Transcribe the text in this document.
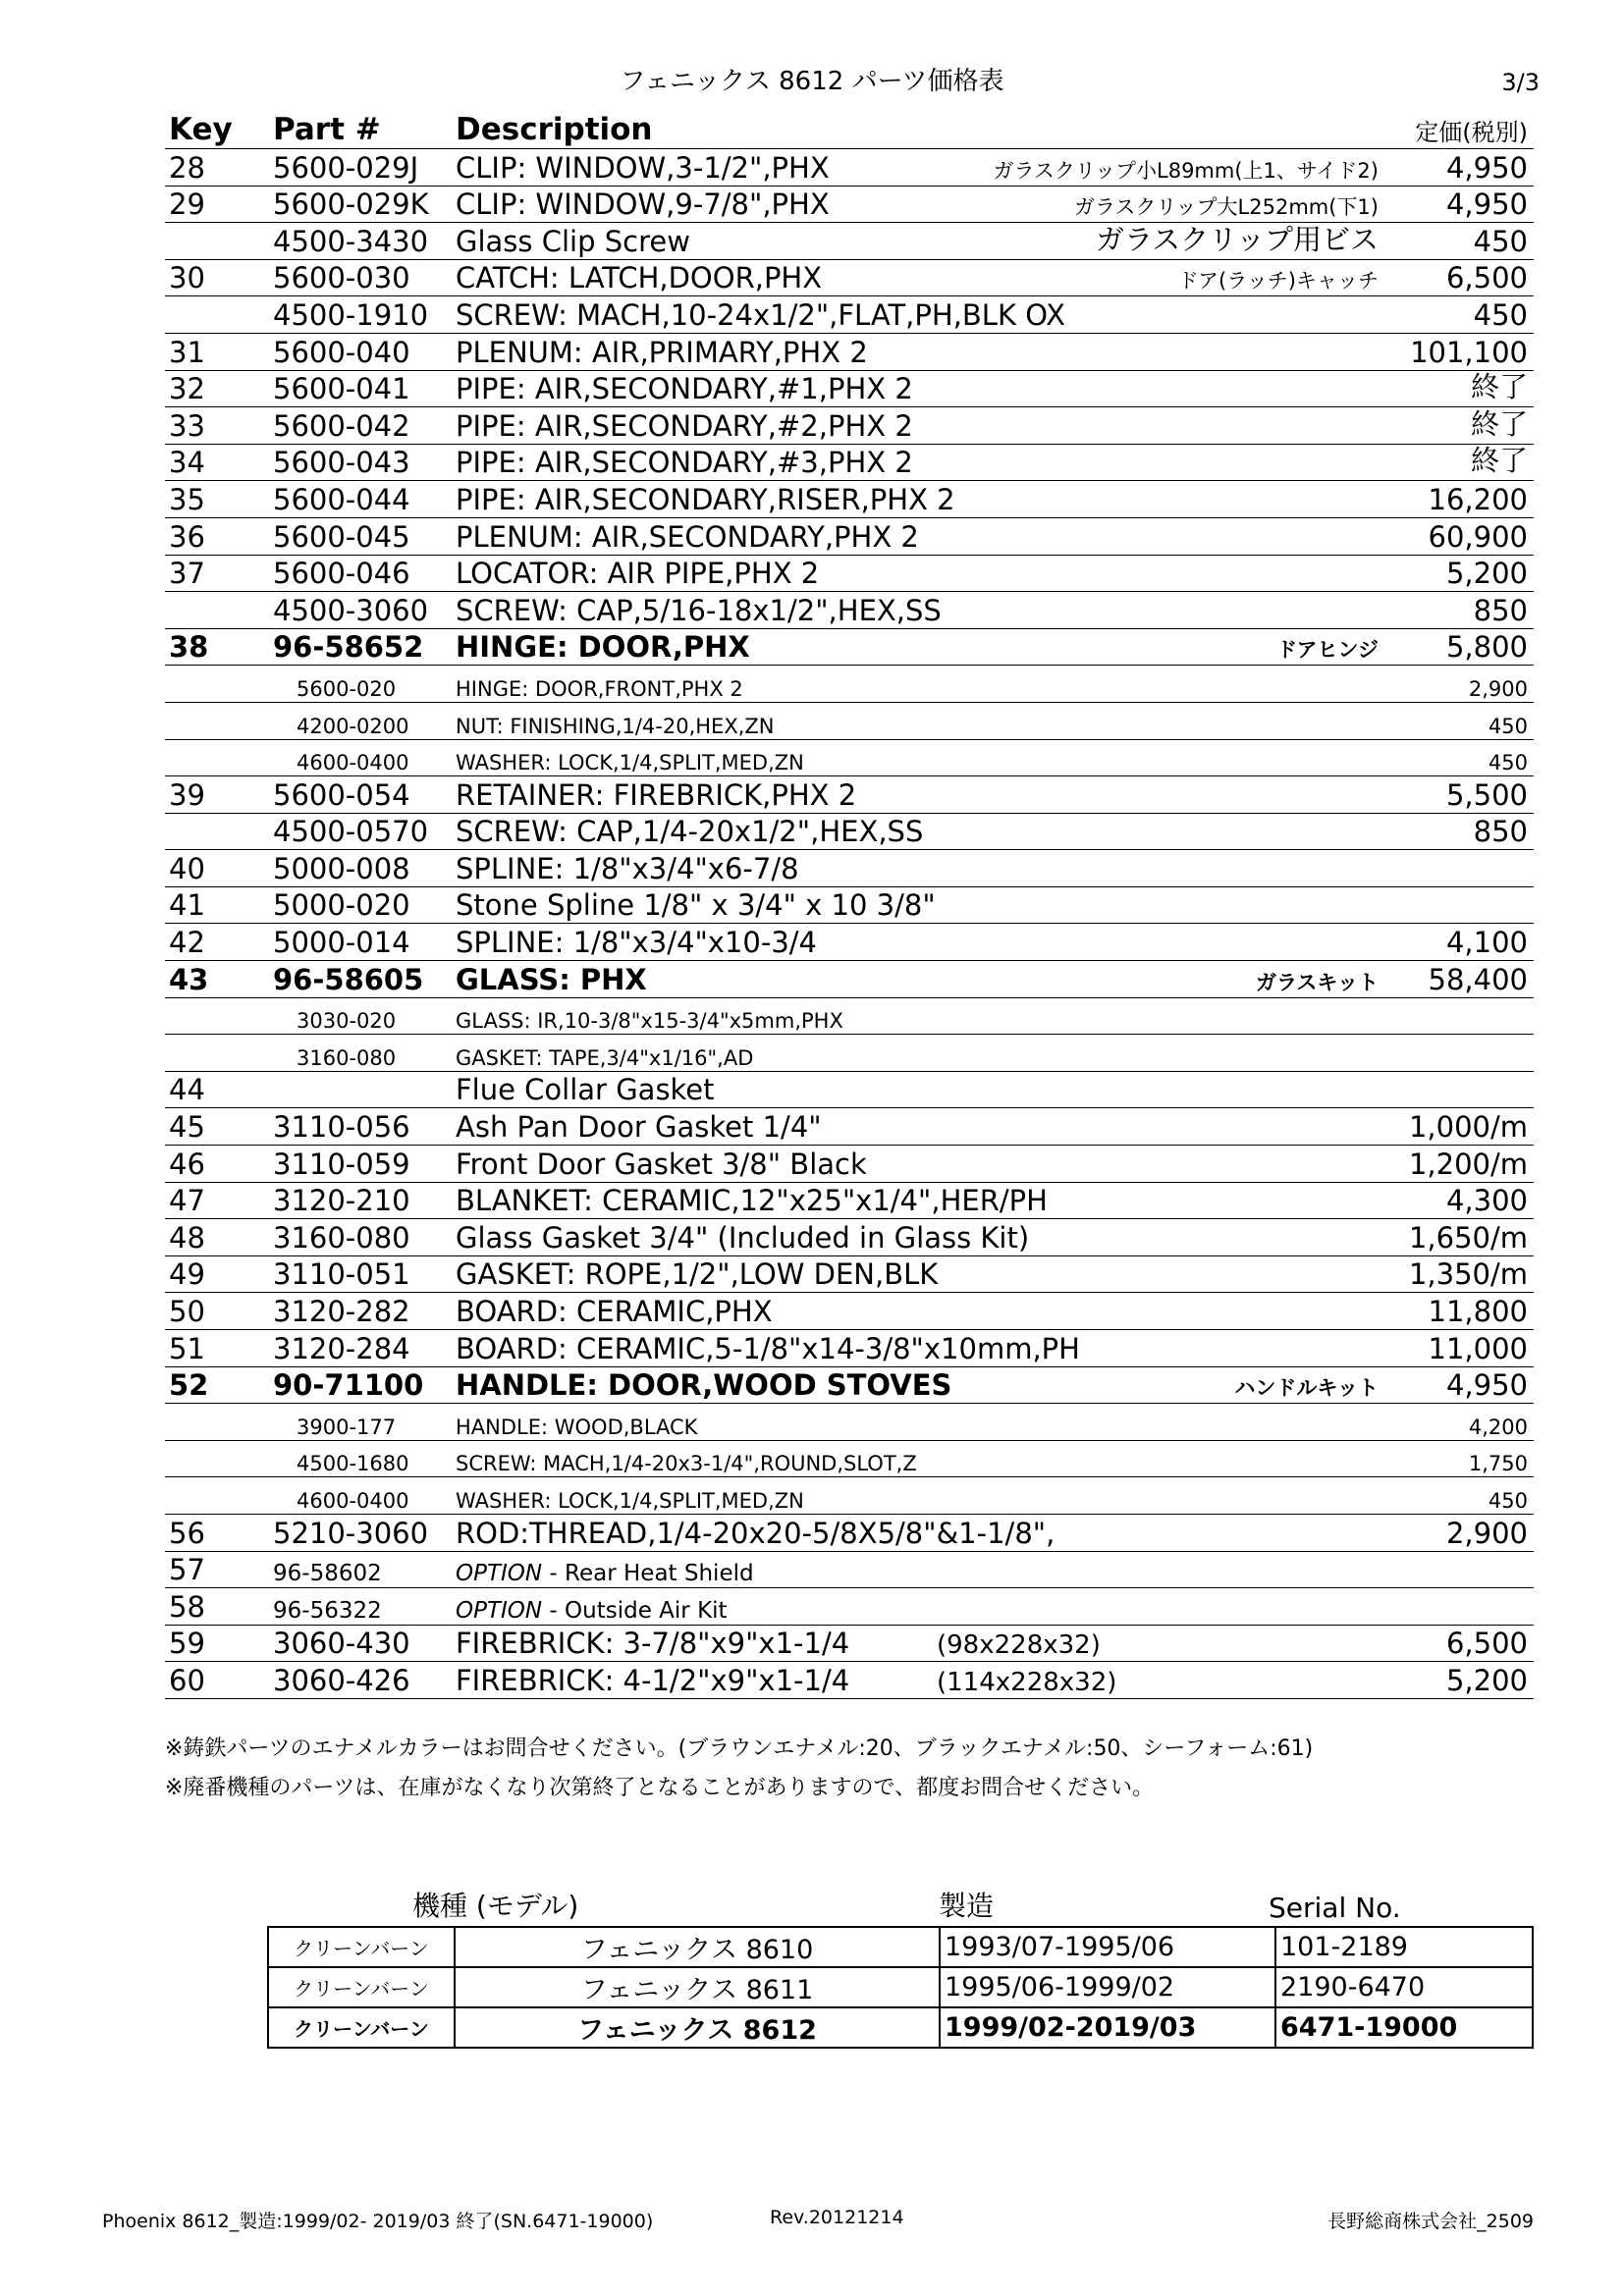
フェニックス 8612 パーツ価格表	3/3
Key Part # Description	定価(税別)
28 5600-029J CLIP: WINDOW,3-1/2",PHX	ガラスクリップ小L89mm(上1、サイド2) 4,950
29 5600-029K CLIP: WINDOW,9-7/8",PHX	ガラスクリップ大L252mm(下1) 4,950
4500-3430 Glass Clip Screw	ガラスクリップ用ビス	450
30 5600-030 CATCH: LATCH,DOOR,PHX	ドア(ラッチ)キャッチ 6,500
4500-1910 SCREW: MACH,10-24x1/2",FLAT,PH,BLK OX	450
31 5600-040 PLENUM: AIR,PRIMARY,PHX 2	101,100
32 5600-041 PIPE: AIR,SECONDARY,#1,PHX 2	終了
33 5600-042 PIPE: AIR,SECONDARY,#2,PHX 2	終了
34 5600-043 PIPE: AIR,SECONDARY,#3,PHX 2	終了
35 5600-044 PIPE: AIR,SECONDARY,RISER,PHX 2	16,200
36 5600-045 PLENUM: AIR,SECONDARY,PHX 2	60,900
37 5600-046 LOCATOR: AIR PIPE,PHX 2	5,200
4500-3060 SCREW: CAP,5/16-18x1/2",HEX,SS	850
38 96-58652 HINGE: DOOR,PHX	ドアヒンジ 5,800
5600-020	HINGE: DOOR,FRONT,PHX 2	2,900
4200-0200 NUT: FINISHING,1/4-20,HEX,ZN	450
4600-0400 WASHER: LOCK,1/4,SPLIT,MED,ZN	450
39 5600-054 RETAINER: FIREBRICK,PHX 2	5,500
4500-0570 SCREW: CAP,1/4-20x1/2",HEX,SS	850
40 5000-008 SPLINE: 1/8"x3/4"x6-7/8
41 5000-020 Stone Spline 1/8" x 3/4" x 10 3/8"
42 5000-014 SPLINE: 1/8"x3/4"x10-3/4	4,100
43 96-58605 GLASS: PHX	ガラスキット 58,400
3030-020	GLASS: IR,10-3/8"x15-3/4"x5mm,PHX
3160-080	GASKET: TAPE,3/4"x1/16",AD
44	Flue Collar Gasket
45 3110-056 Ash Pan Door Gasket 1/4"	1,000/m
46 3110-059 Front Door Gasket 3/8" Black	1,200/m
47 3120-210 BLANKET: CERAMIC,12"x25"x1/4",HER/PH	4,300
48 3160-080 Glass Gasket 3/4" (Included in Glass Kit)	1,650/m
49 3110-051 GASKET: ROPE,1/2",LOW DEN,BLK	1,350/m
50 3120-282 BOARD: CERAMIC,PHX	11,800
51 3120-284 BOARD: CERAMIC,5-1/8"x14-3/8"x10mm,PH	11,000
52 90-71100 HANDLE: DOOR,WOOD STOVES	ハンドルキット 4,950
3900-177	HANDLE: WOOD,BLACK	4,200
4500-1680 SCREW: MACH,1/4-20x3-1/4",ROUND,SLOT,Z	1,750
4600-0400 WASHER: LOCK,1/4,SPLIT,MED,ZN	450
56 5210-3060 ROD:THREAD,1/4-20x20-5/8X5/8"&1-1/8",	2,900
57	96-58602	OPTION - Rear Heat Shield
58	96-56322	OPTION - Outside Air Kit
59 3060-430 FIREBRICK: 3-7/8"x9"x1-1/4	(98x228x32)	6,500
60 3060-426 FIREBRICK: 4-1/2"x9"x1-1/4	(114x228x32)	5,200
※鋳鉄パーツのエナメルカラーはお問合せください。(ブラウンエナメル:20、ブラックエナメル:50、シーフォーム:61)
※廃番機種のパーツは、在庫がなくなり次第終了となることがありますので、都度お問合せください。
機種 (モデル)	製造	Serial No.
クリーンバーン	フェニックス 8610	1993/07-1995/06	101-2189
クリーンバーン	フェニックス 8611	1995/06-1999/02	2190-6470
クリーンバーン	フェニックス 8612	1999/02-2019/03	6471-19000
Phoenix 8612_製造:1999/02- 2019/03 終了(SN.6471-19000)	Rev.20121214	長野総商株式会社_2509
